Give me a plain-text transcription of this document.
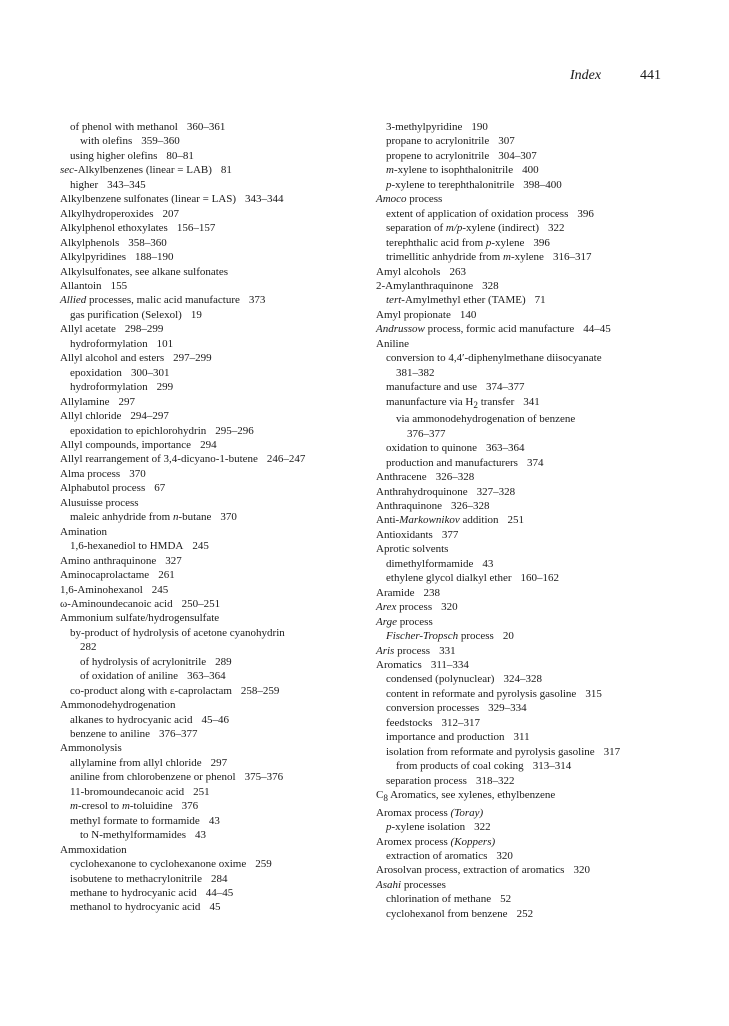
Index	441
of phenol with methanol 360–361
with olefins 359–360
using higher olefins 80–81
sec-Alkylbenzenes (linear = LAB) 81
higher 343–345
Alkylbenzene sulfonates (linear = LAS) 343–344
Alkylhydroperoxides 207
Alkylphenol ethoxylates 156–157
Alkylphenols 358–360
Alkylpyridines 188–190
Alkylsulfonates, see alkane sulfonates
Allantoin 155
Allied processes, malic acid manufacture 373
gas purification (Selexol) 19
Allyl acetate 298–299
hydroformylation 101
Allyl alcohol and esters 297–299
epoxidation 300–301
hydroformylation 299
Allylamine 297
Allyl chloride 294–297
epoxidation to epichlorohydrin 295–296
Allyl compounds, importance 294
Allyl rearrangement of 3,4-dicyano-1-butene 246–247
Alma process 370
Alphabutol process 67
Alusuisse process
maleic anhydride from n-butane 370
Amination
1,6-hexanediol to HMDA 245
Amino anthraquinone 327
Aminocaprolactame 261
1,6-Aminohexanol 245
ω-Aminoundecanoic acid 250–251
Ammonium sulfate/hydrogensulfate
by-product of hydrolysis of acetone cyanohydrin
282
of hydrolysis of acrylonitrile 289
of oxidation of aniline 363–364
co-product along with ε-caprolactam 258–259
Ammonodehydrogenation
alkanes to hydrocyanic acid 45–46
benzene to aniline 376–377
Ammonolysis
allylamine from allyl chloride 297
aniline from chlorobenzene or phenol 375–376
11-bromoundecanoic acid 251
m-cresol to m-toluidine 376
methyl formate to formamide 43
to N-methylformamides 43
Ammoxidation
cyclohexanone to cyclohexanone oxime 259
isobutene to methacrylonitrile 284
methane to hydrocyanic acid 44–45
methanol to hydrocyanic acid 45
3-methylpyridine 190
propane to acrylonitrile 307
propene to acrylonitrile 304–307
m-xylene to isophthalonitrile 400
p-xylene to terephthalonitrile 398–400
Amoco process
extent of application of oxidation process 396
separation of m/p-xylene (indirect) 322
terephthalic acid from p-xylene 396
trimellitic anhydride from m-xylene 316–317
Amyl alcohols 263
2-Amylanthraquinone 328
tert-Amylmethyl ether (TAME) 71
Amyl propionate 140
Andrussow process, formic acid manufacture 44–45
Aniline
conversion to 4,4′-diphenylmethane diisocyanate
381–382
manufacture and use 374–377
manunfacture via $H_2$ transfer 341
via ammonodehydrogenation of benzene
376–377
oxidation to quinone 363–364
production and manufacturers 374
Anthracene 326–328
Anthrahydroquinone 327–328
Anthraquinone 326–328
Anti-Markownikov addition 251
Antioxidants 377
Aprotic solvents
dimethylformamide 43
ethylene glycol dialkyl ether 160–162
Aramide 238
Arex process 320
Arge process
Fischer-Tropsch process 20
Aris process 331
Aromatics 311–334
condensed (polynuclear) 324–328
content in reformate and pyrolysis gasoline 315
conversion processes 329–334
feedstocks 312–317
importance and production 311
isolation from reformate and pyrolysis gasoline 317
from products of coal coking 313–314
separation process 318–322
$C_8$ Aromatics, see xylenes, ethylbenzene
Aromax process (Toray)
p-xylene isolation 322
Aromex process (Koppers)
extraction of aromatics 320
Arosolvan process, extraction of aromatics 320
Asahi processes
chlorination of methane 52
cyclohexanol from benzene 252
